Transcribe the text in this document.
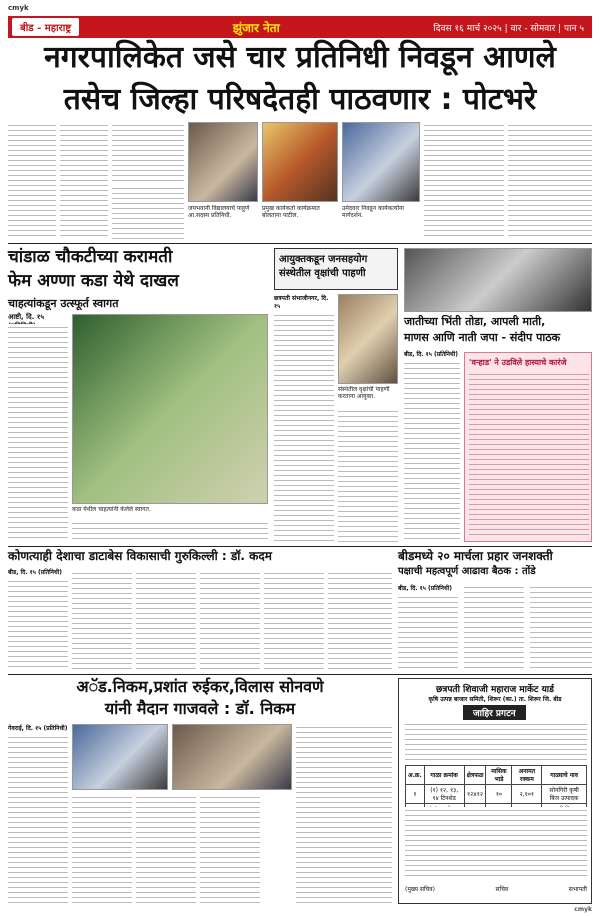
cmyk
बीड - महाराष्ट्र	झुंजार नेता	दिवस १६ मार्च २०२५ | वार - सोमवार | पान ५
नगरपालिकेत जसे चार प्रतिनिधी निवडून आणले
तसेच जिल्हा परिषदेतही पाठवणार : पोटभरे
जयभवानी विद्यालयाचे पाहुणे आ.सदस्य प्रतिनिधी.
प्रमुख कार्यकर्ता कार्यक्रमात बोलताना पाटील.
उमेदवार निवडून कार्यकर्त्यांना मार्गदर्शन.
चांडाळ चौकटीच्या करामती
फेम अण्णा कडा येथे दाखल
चाहत्यांकडून उत्स्फूर्त स्वागत
आष्टी, दि. १५
कडा येथील चाहत्यांनी केलेले स्वागत.
आयुक्तकडून जनसहयोग संस्थेतील वृक्षांची पाहणी
छत्रपती संभाजीनगर, दि. १५
संस्थेतील वृक्षांची पाहणी करताना आयुक्त.
जातीच्या भिंती तोडा, आपली माती,
माणस आणि नाती जपा - संदीप पाठक
बीड, दि. १५ (प्रतिनिधी)
'वऱ्हाड' ने उडविले हास्याचे कारंजे
कोणत्याही देशाचा डाटाबेस विकासाची गुरुकिल्ली : डॉ. कदम
बीड, दि. १५ (प्रतिनिधी)
बीडमध्ये २० मार्चला प्रहार जनशक्ती
पक्षाची महत्वपूर्ण आढावा बैठक : तोंडे
बीड, दि. १५ (प्रतिनिधी)
अॅड.निकम,प्रशांत रुईकर,विलास सोनवणे
यांनी मैदान गाजवले : डॉ. निकम
गेवराई, दि. १५ (प्रतिनिधी)
छत्रपती शिवाजी महाराज मार्केट यार्ड
कृषि उत्पन्न बाजार समिती, शिरूर (का.) ता. शिरूर जि. बीड
जाहिर प्रगटन
अ.क्र.	गाळा क्रमांक	क्षेत्रफळ	मासिक भाडे	अनामत रक्कम	गाळ्याचे नाव
१	(१) १२, १३, १४ टिनशेड	१२x१२	१०	२,१०१	सोनगिरी कृषी बिज उत्पादक

(मुख्य सचिव)	सचिव	सभापती
cmyk
